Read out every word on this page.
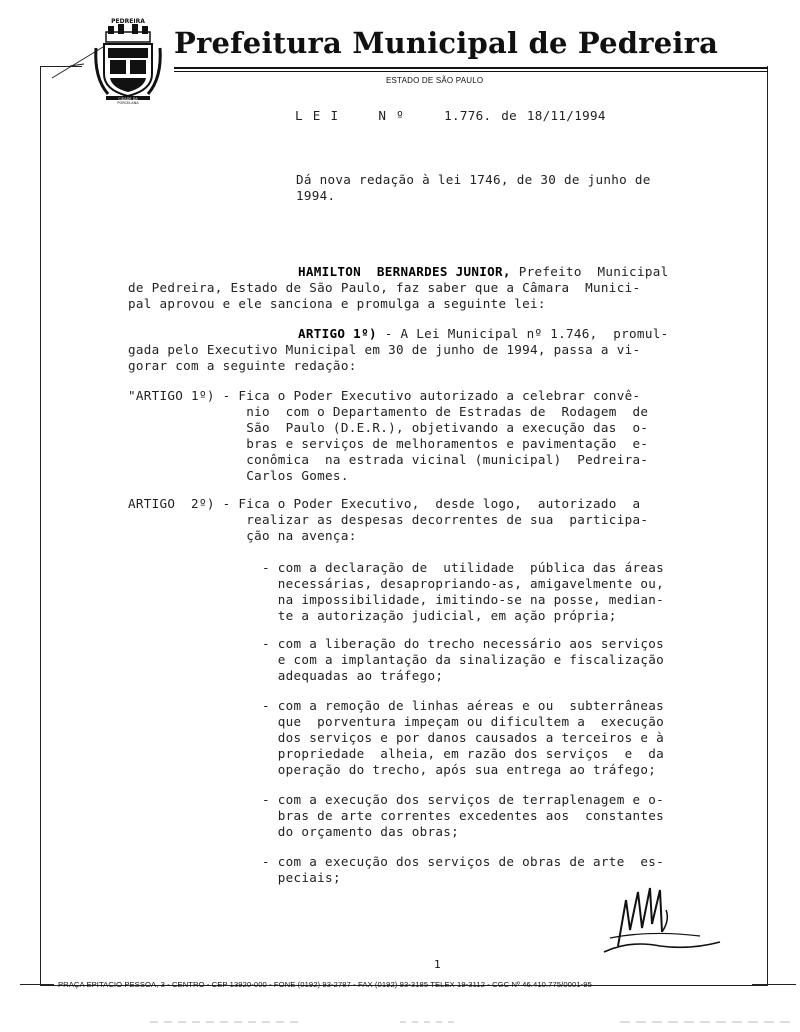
PEDREIRA
CIDADE DA
PORCELANA
Prefeitura Municipal de Pedreira
ESTADO DE SÃO PAULO
L E I	N º	1.776. de 18/11/1994
Dá nova redação à lei 1746, de 30 de junho de
1994.
HAMILTON  BERNARDES JUNIOR, Prefeito  Municipal
de Pedreira, Estado de São Paulo, faz saber que a Câmara  Munici-
pal aprovou e ele sanciona e promulga a seguinte lei:
ARTIGO 1º) - A Lei Municipal nº 1.746,  promul-
gada pelo Executivo Municipal em 30 de junho de 1994, passa a vi-
gorar com a seguinte redação:
"ARTIGO 1º) - Fica o Poder Executivo autorizado a celebrar convê-
nio  com o Departamento de Estradas de  Rodagem  de
São  Paulo (D.E.R.), objetivando a execução das  o-
bras e serviços de melhoramentos e pavimentação  e-
conômica  na estrada vicinal (municipal)  Pedreira-
Carlos Gomes.
ARTIGO  2º) - Fica o Poder Executivo,  desde logo,  autorizado  a
realizar as despesas decorrentes de sua  participa-
ção na avença:
- com a declaração de  utilidade  pública das áreas
necessárias, desapropriando-as, amigavelmente ou,
na impossibilidade, imitindo-se na posse, median-
te a autorização judicial, em ação própria;
- com a liberação do trecho necessário aos serviços
e com a implantação da sinalização e fiscalização
adequadas ao tráfego;
- com a remoção de linhas aéreas e ou  subterrâneas
que  porventura impeçam ou dificultem a  execução
dos serviços e por danos causados a terceiros e à
propriedade  alheia, em razão dos serviços  e  da
operação do trecho, após sua entrega ao tráfego;
- com a execução dos serviços de terraplenagem e o-
bras de arte correntes excedentes aos  constantes
do orçamento das obras;
- com a execução dos serviços de obras de arte  es-
peciais;
1
PRAÇA EPITACIO PESSOA, 3 - CENTRO - CEP 13920-000 - FONE (0192) 93-2787 - FAX (0192) 93-3185 TELEX 19-3112 - CGC Nº 46.410.775/0001-95
